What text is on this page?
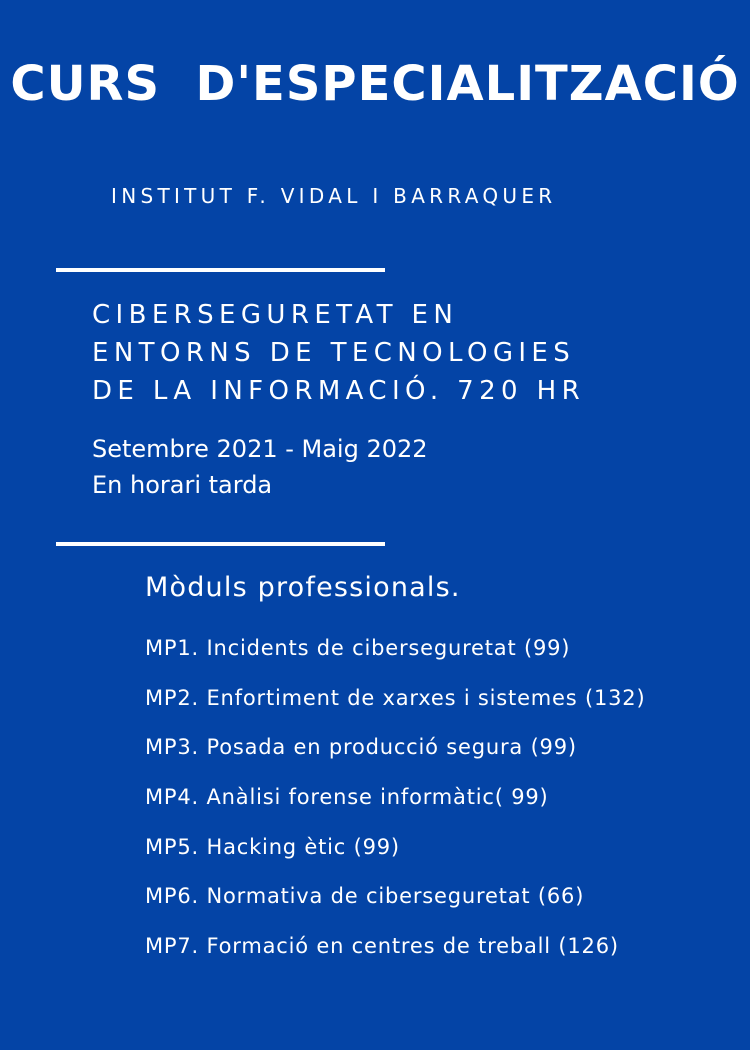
CURS  D'ESPECIALITZACIÓ
INSTITUT F. VIDAL I BARRAQUER
CIBERSEGURETAT EN
ENTORNS DE TECNOLOGIES
DE LA INFORMACIÓ. 720 HR
Setembre 2021 - Maig 2022
En horari tarda
Mòduls professionals.
MP1. Incidents de ciberseguretat (99)
MP2. Enfortiment de xarxes i sistemes (132)
MP3. Posada en producció segura (99)
MP4. Anàlisi forense informàtic( 99)
MP5. Hacking ètic (99)
MP6. Normativa de ciberseguretat (66)
MP7. Formació en centres de treball (126)
